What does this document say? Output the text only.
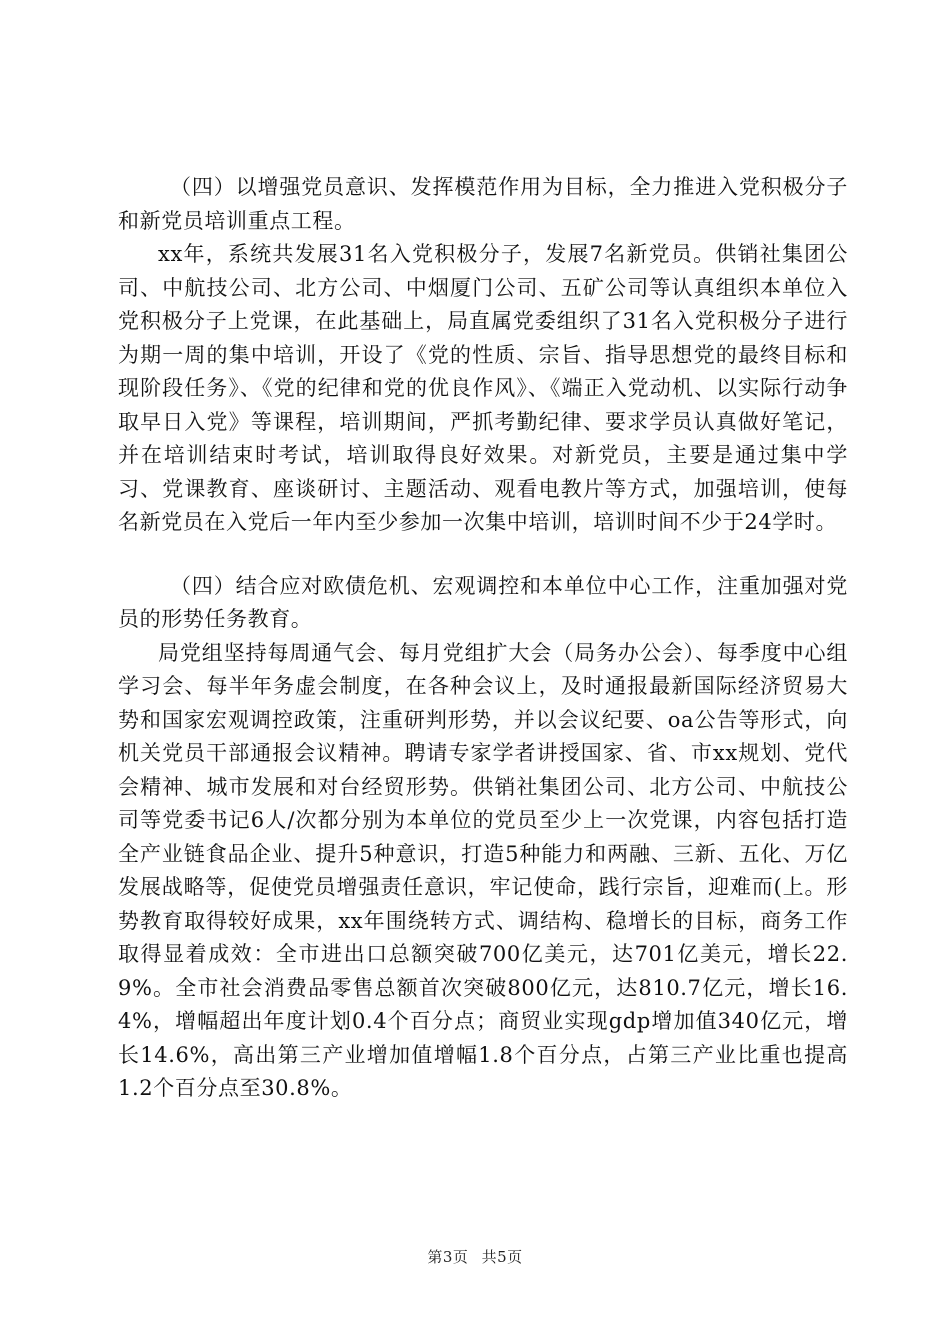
（四）以增强党员意识、发挥模范作用为目标，全力推进入党积极分子和新党员培训重点工程。

xx年，系统共发展31名入党积极分子，发展7名新党员。供销社集团公司、中航技公司、北方公司、中烟厦门公司、五矿公司等认真组织本单位入党积极分子上党课，在此基础上，局直属党委组织了31名入党积极分子进行为期一周的集中培训，开设了《党的性质、宗旨、指导思想党的最终目标和现阶段任务》、《党的纪律和党的优良作风》、《端正入党动机、以实际行动争取早日入党》等课程，培训期间，严抓考勤纪律、要求学员认真做好笔记，并在培训结束时考试，培训取得良好效果。对新党员，主要是通过集中学习、党课教育、座谈研讨、主题活动、观看电教片等方式，加强培训，使每名新党员在入党后一年内至少参加一次集中培训，培训时间不少于24学时。

（四）结合应对欧债危机、宏观调控和本单位中心工作，注重加强对党员的形势任务教育。

局党组坚持每周通气会、每月党组扩大会（局务办公会）、每季度中心组学习会、每半年务虚会制度，在各种会议上，及时通报最新国际经济贸易大势和国家宏观调控政策，注重研判形势，并以会议纪要、oa公告等形式，向机关党员干部通报会议精神。聘请专家学者讲授国家、省、市xx规划、党代会精神、城市发展和对台经贸形势。供销社集团公司、北方公司、中航技公司等党委书记6人/次都分别为本单位的党员至少上一次党课，内容包括打造全产业链食品企业、提升5种意识，打造5种能力和两融、三新、五化、万亿发展战略等，促使党员增强责任意识，牢记使命，践行宗旨，迎难而(上。形势教育取得较好成果，xx年围绕转方式、调结构、稳增长的目标，商务工作取得显着成效：全市进出口总额突破700亿美元，达701亿美元，增长22.9%。全市社会消费品零售总额首次突破800亿元，达810.7亿元，增长16.4%，增幅超出年度计划0.4个百分点；商贸业实现gdp增加值340亿元，增长14.6%，高出第三产业增加值增幅1.8个百分点，占第三产业比重也提高1.2个百分点至30.8%。

第3页 共5页
